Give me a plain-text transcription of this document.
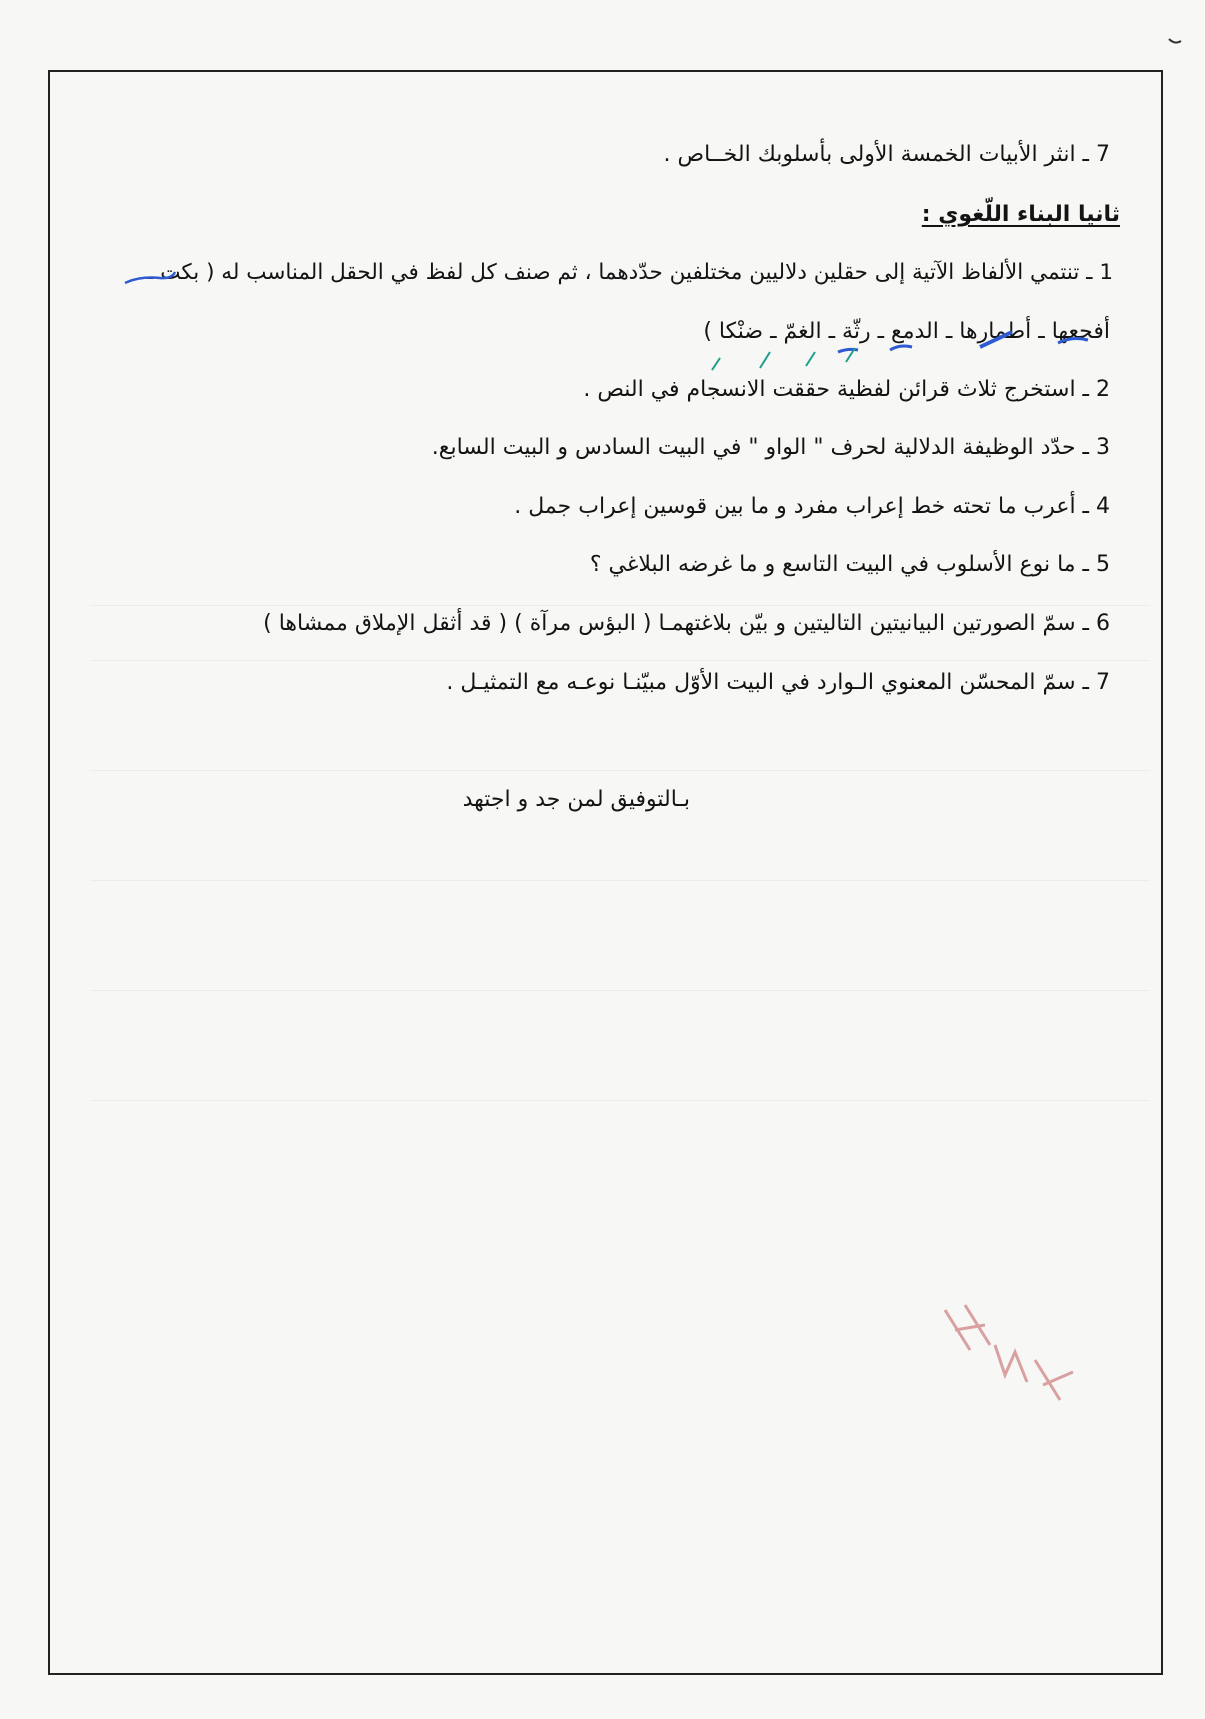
7 ـ انثر الأبيات الخمسة الأولى بأسلوبك الخــاص .
ثانيا البناء اللّغوي :
1 ـ تنتمي الألفاظ الآتية إلى حقلين دلاليين مختلفين حدّدهما ، ثم صنف كل لفظ في الحقل المناسب له ( بكت ـ
أفجعها ـ أطمارها ـ الدمع ـ رثّة ـ الغمّ ـ ضنْكا )
2 ـ استخرج ثلاث قرائن لفظية حققت الانسجام في النص .
3 ـ حدّد الوظيفة الدلالية لحرف " الواو " في البيت السادس و البيت السابع.
4 ـ أعرب ما تحته خط إعراب مفرد و ما بين قوسين إعراب جمل .
5 ـ ما نوع الأسلوب في البيت التاسع و ما غرضه البلاغي ؟
6 ـ سمّ الصورتين البيانيتين التاليتين و بيّن بلاغتهمـا ( البؤس مرآة ) ( قد أثقل الإملاق ممشاها )
7 ـ سمّ المحسّن المعنوي الـوارد في البيت الأوّل مبيّنـا نوعـه مع التمثيـل .
بـالتوفيق لمن جد و اجتهد
